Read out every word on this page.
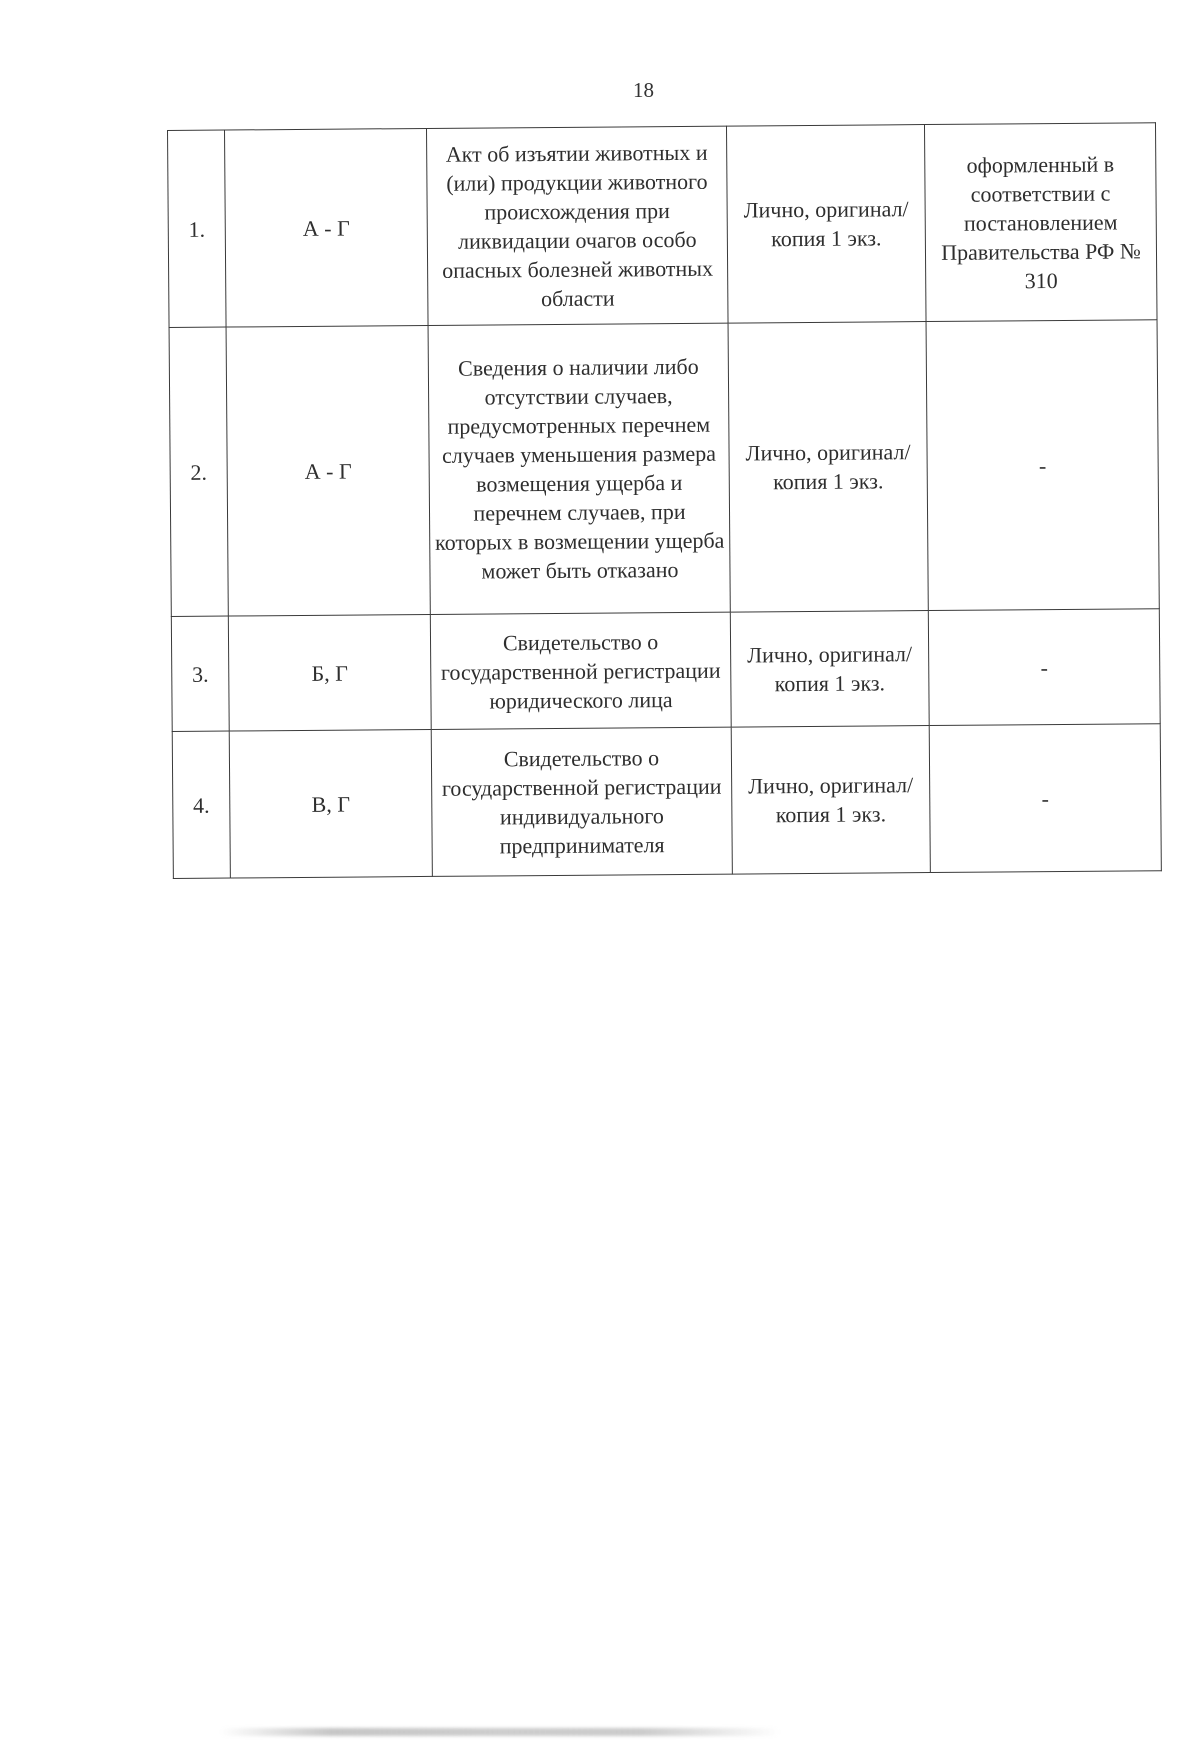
18
1.	А - Г	Акт об изъятии животных и (или) продукции животного происхождения при ликвидации очагов особо опасных болезней животных области	Лично, оригинал/копия 1 экз.	оформленный в соответствии с постановлением Правительства РФ № 310

2.	А - Г	Сведения о наличии либо отсутствии случаев, предусмотренных перечнем случаев уменьшения размера возмещения ущерба и перечнем случаев, при которых в возмещении ущерба может быть отказано	Лично, оригинал/копия 1 экз.	-

3.	Б, Г	Свидетельство о государственной регистрации юридического лица	Лично, оригинал/копия 1 экз.	-

4.	В, Г	Свидетельство о государственной регистрации индивидуального предпринимателя	Лично, оригинал/копия 1 экз.	-
